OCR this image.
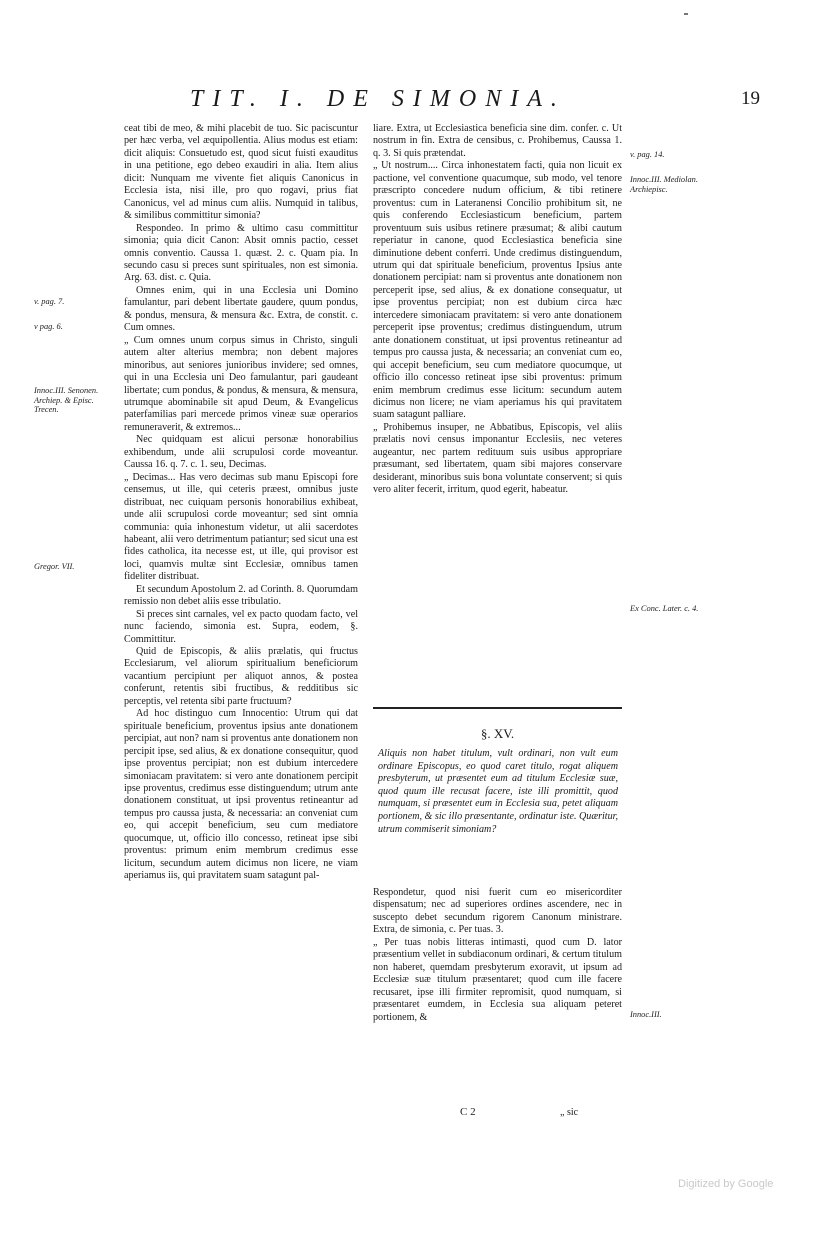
TIT. I. DE SIMONIA.	19

ceat tibi de meo, & mihi placebit de tuo. Sic paciscuntur per hæc verba, vel æquipollentia. Alius modus est etiam: dicit aliquis: Consuetudo est, quod sicut fuisti exauditus in una petitione, ego debeo exaudiri in alia. Item alius dicit: Nunquam me vivente fiet aliquis Canonicus in Ecclesia ista, nisi ille, pro quo rogavi, prius fiat Canonicus, vel ad minus cum aliis. Numquid in talibus, & similibus committitur simonia?

Respondeo. In primo & ultimo casu committitur simonia; quia dicit Canon: Absit omnis pactio, cesset omnis conventio. Caussa 1. quæst. 2. c. Quam pia. In secundo casu si preces sunt spirituales, non est simonia. Arg. 63. dist. c. Quia.

Omnes enim, qui in una Ecclesia uni Domino famulantur, pari debent libertate gaudere, quum pondus, & pondus, mensura, & mensura &c. Extra, de constit. c. Cum omnes.

„ Cum omnes unum corpus simus in Christo, singuli autem alter alterius membra; non debent majores minoribus, aut seniores junioribus invidere; sed omnes, qui in una Ecclesia uni Deo famulantur, pari gaudeant libertate; cum pondus, & pondus, & mensura, & mensura, utrumque abominabile sit apud Deum, & Evangelicus paterfamilias pari mercede primos vineæ suæ operarios remuneraverit, & extremos...

Nec quidquam est alicui personæ honorabilius exhibendum, unde alii scrupulosi corde moveantur. Caussa 16. q. 7. c. 1. seu, Decimas.

„ Decimas... Has vero decimas sub manu Episcopi fore censemus, ut ille, qui ceteris præest, omnibus juste distribuat, nec cuiquam personis honorabilius exhibeat, unde alii scrupulosi corde moveantur; sed sint omnia communia: quia inhonestum videtur, ut alii sacerdotes habeant, alii vero detrimentum patiantur; sed sicut una est fides catholica, ita necesse est, ut ille, qui provisor est loci, quamvis multæ sint Ecclesiæ, omnibus tamen fideliter distribuat.

Et secundum Apostolum 2. ad Corinth. 8. Quorumdam remissio non debet aliis esse tribulatio.

Si preces sint carnales, vel ex pacto quodam facto, vel nunc faciendo, simonia est. Supra, eodem, §. Committitur.

Quid de Episcopis, & aliis prælatis, qui fructus Ecclesiarum, vel aliorum spiritualium beneficiorum vacantium percipiunt per aliquot annos, & postea conferunt, retentis sibi fructibus, & redditibus sic perceptis, vel retenta sibi parte fructuum?

Ad hoc distinguo cum Innocentio: Utrum qui dat spirituale beneficium, proventus ipsius ante donationem percipiat, aut non? nam si proventus ante donationem non percipit ipse, sed alius, & ex donatione consequitur, quod ipse proventus percipiat; non est dubium intercedere simoniacam pravitatem: si vero ante donationem percipit ipse proventus, credimus esse distinguendum; utrum ante donationem constituat, ut ipsi proventus retineantur ad tempus pro caussa justa, & necessaria: an conveniat cum eo, qui accepit beneficium, seu cum mediatore quocumque, ut, officio illo concesso, retineat ipse sibi proventus: primum enim membrum credimus esse licitum, secundum autem dicimus non licere, ne viam aperiamus iis, qui pravitatem suam satagunt pal-

liare. Extra, ut Ecclesiastica beneficia sine dim. confer. c. Ut nostrum in fin. Extra de censibus, c. Prohibemus, Caussa 1. q. 3. Si quis prætendat.

„ Ut nostrum.... Circa inhonestatem facti, quia non licuit ex pactione, vel conventione quacumque, sub modo, vel tenore præscripto concedere nudum officium, & tibi retinere proventus: cum in Lateranensi Concilio prohibitum sit, ne quis conferendo Ecclesiasticum beneficium, partem proventuum suis usibus retinere præsumat; & alibi cautum reperiatur in canone, quod Ecclesiastica beneficia sine diminutione debent conferri. Unde credimus distinguendum, utrum qui dat spirituale beneficium, proventus Ipsius ante donationem percipiat: nam si proventus ante donationem non perceperit ipse, sed alius, & ex donatione consequatur, ut ipse proventus percipiat; non est dubium circa hæc intercedere simoniacam pravitatem: si vero ante donationem perceperit ipse proventus; credimus distinguendum, utrum ante donationem constituat, ut ipsi proventus retineantur ad tempus pro caussa justa, & necessaria; an conveniat cum eo, qui accepit beneficium, seu cum mediatore quocumque, ut officio illo concesso retineat ipse sibi proventus: primum enim membrum credimus esse licitum: secundum autem dicimus non licere; ne viam aperiamus his qui pravitatem suam satagunt palliare.

„ Prohibemus insuper, ne Abbatibus, Episcopis, vel aliis prælatis novi census imponantur Ecclesiis, nec veteres augeantur, nec partem redituum suis usibus appropriare præsumant, sed libertatem, quam sibi majores conservare desiderant, minoribus suis bona voluntate conservent; si quis vero aliter fecerit, irritum, quod egerit, habeatur.

v. pag. 7.
v pag. 6.
Innoc.III. Senonen. Archiep. & Episc. Trecen.
Gregor. VII.
v. pag. 14.
Innoc.III. Mediolan. Archiepisc.
Ex Conc. Later. c. 4.
Innoc.III.
§. XV.
Aliquis non habet titulum, vult ordinari, non vult eum ordinare Episcopus, eo quod caret titulo, rogat aliquem presbyterum, ut præsentet eum ad titulum Ecclesiæ suæ, quod quum ille recusat facere, iste illi promittit, quod numquam, si præsentet eum in Ecclesia sua, petet aliquam portionem, & sic illo præsentante, ordinatur iste. Quæritur, utrum commiserit simoniam?

Respondetur, quod nisi fuerit cum eo misericorditer dispensatum; nec ad superiores ordines ascendere, nec in suscepto debet secundum rigorem Canonum ministrare. Extra, de simonia, c. Per tuas. 3.

„ Per tuas nobis litteras intimasti, quod cum D. lator præsentium vellet in subdiaconum ordinari, & certum titulum non haberet, quemdam presbyterum exoravit, ut ipsum ad Ecclesiæ suæ titulum præsentaret; quod cum ille facere recusaret, ipse illi firmiter repromisit, quod numquam, si præsentaret eumdem, in Ecclesia sua aliquam peteret portionem, &

C 2	„ sic
Digitized by Google
